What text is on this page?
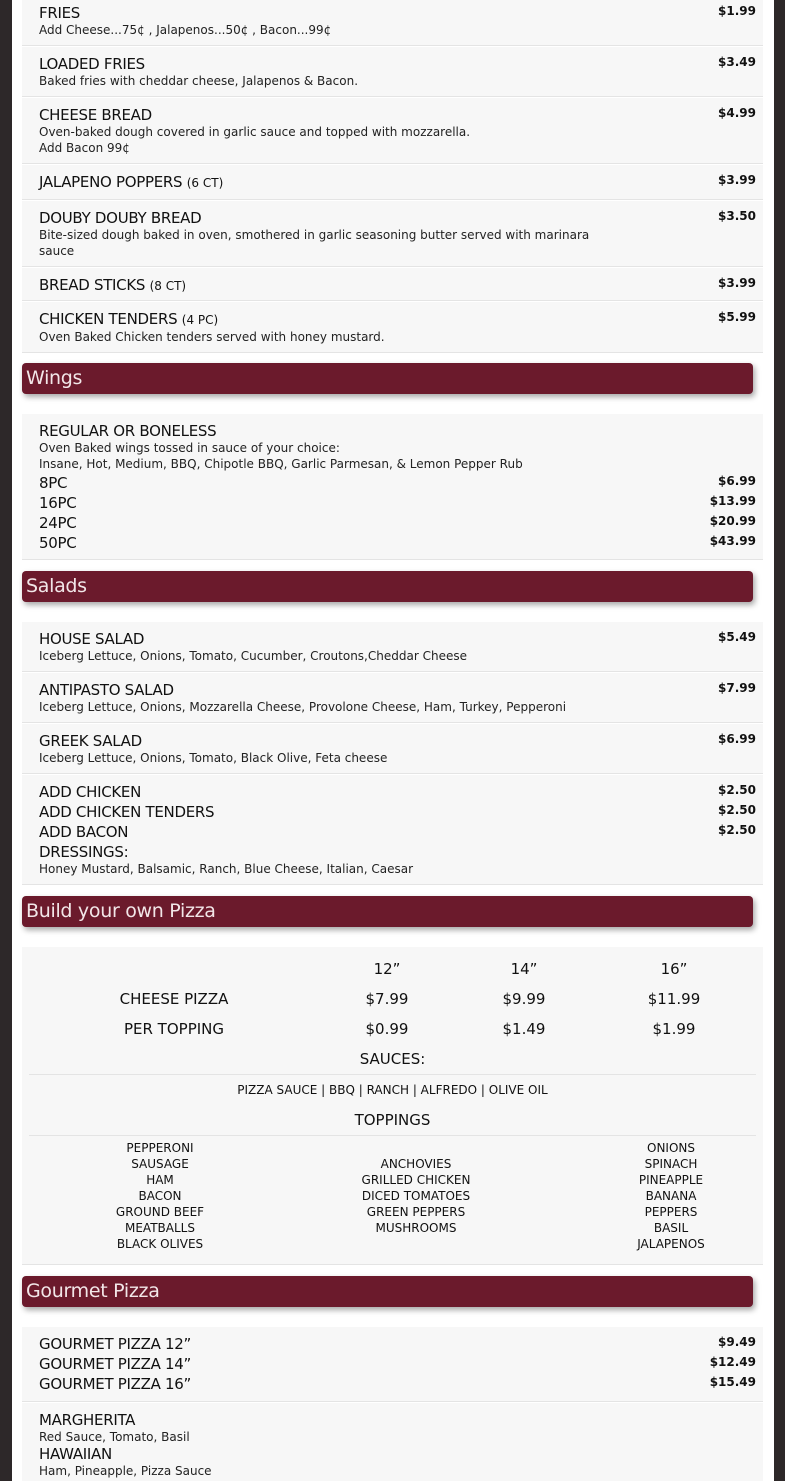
FRIES
Add Cheese...75¢ , Jalapenos...50¢ , Bacon...99¢
$1.99
LOADED FRIES
Baked fries with cheddar cheese, Jalapenos & Bacon.
$3.49
CHEESE BREAD
Oven-baked dough covered in garlic sauce and topped with mozzarella.
Add Bacon 99¢
$4.99
JALAPENO POPPERS (6 CT)	$3.99
DOUBY DOUBY BREAD
Bite-sized dough baked in oven, smothered in garlic seasoning butter served with marinara
sauce
$3.50
BREAD STICKS (8 CT)	$3.99
CHICKEN TENDERS (4 PC)
Oven Baked Chicken tenders served with honey mustard.
$5.99
Wings
REGULAR OR BONELESS
Oven Baked wings tossed in sauce of your choice:
Insane, Hot, Medium, BBQ, Chipotle BBQ, Garlic Parmesan, & Lemon Pepper Rub
8PC	$6.99
16PC	$13.99
24PC	$20.99
50PC	$43.99
Salads
HOUSE SALAD
Iceberg Lettuce, Onions, Tomato, Cucumber, Croutons,Cheddar Cheese
$5.49
ANTIPASTO SALAD
Iceberg Lettuce, Onions, Mozzarella Cheese, Provolone Cheese, Ham, Turkey, Pepperoni
$7.99
GREEK SALAD
Iceberg Lettuce, Onions, Tomato, Black Olive, Feta cheese
$6.99
ADD CHICKEN	$2.50
ADD CHICKEN TENDERS	$2.50
ADD BACON	$2.50
DRESSINGS:
Honey Mustard, Balsamic, Ranch, Blue Cheese, Italian, Caesar
Build your own Pizza
12”	14”	16”
CHEESE PIZZA	$7.99	$9.99	$11.99
PER TOPPING	$0.99	$1.49	$1.99
SAUCES:
PIZZA SAUCE | BBQ | RANCH | ALFREDO | OLIVE OIL
TOPPINGS
PEPPERONI
SAUSAGE
HAM
BACON
GROUND BEEF
MEATBALLS
BLACK OLIVES
ANCHOVIES
GRILLED CHICKEN
DICED TOMATOES
GREEN PEPPERS
MUSHROOMS
ONIONS
SPINACH
PINEAPPLE
BANANA
PEPPERS
BASIL
JALAPENOS
Gourmet Pizza
GOURMET PIZZA 12”	$9.49
GOURMET PIZZA 14”	$12.49
GOURMET PIZZA 16”	$15.49
MARGHERITA
Red Sauce, Tomato, Basil
HAWAIIAN
Ham, Pineapple, Pizza Sauce
